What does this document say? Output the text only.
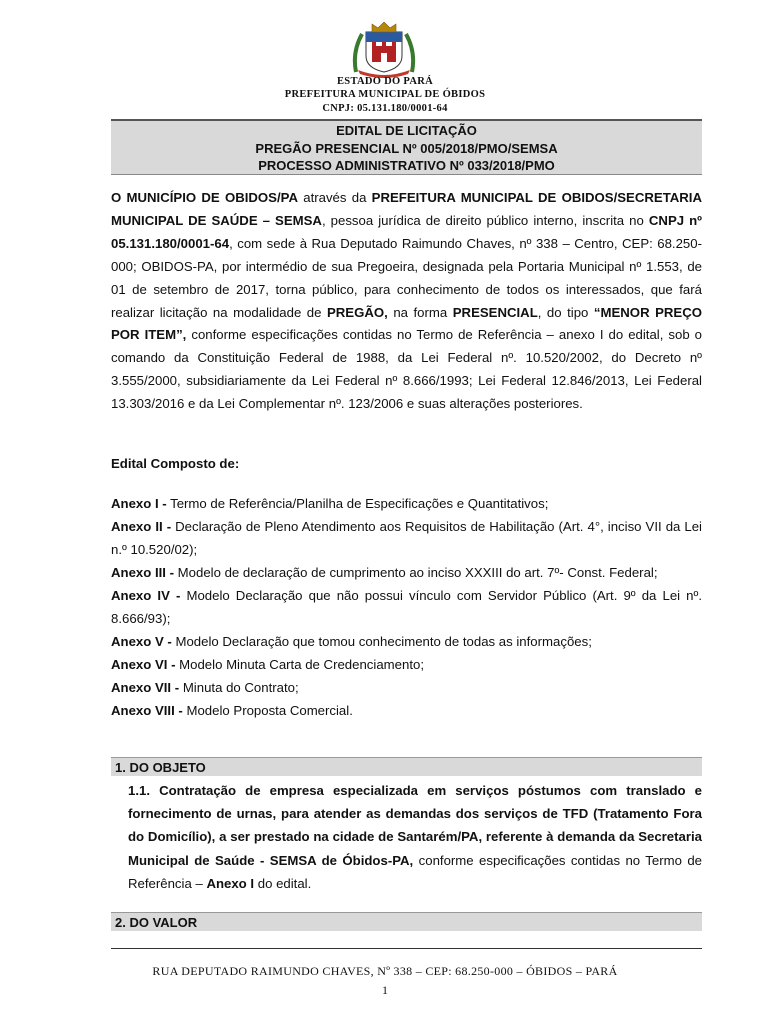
ESTADO DO PARÁ
PREFEITURA MUNICIPAL DE ÓBIDOS
CNPJ: 05.131.180/0001-64
EDITAL DE LICITAÇÃO
PREGÃO PRESENCIAL Nº 005/2018/PMO/SEMSA
PROCESSO ADMINISTRATIVO Nº 033/2018/PMO
O MUNICÍPIO DE OBIDOS/PA através da PREFEITURA MUNICIPAL DE OBIDOS/SECRETARIA MUNICIPAL DE SAÚDE – SEMSA, pessoa jurídica de direito público interno, inscrita no CNPJ nº 05.131.180/0001-64, com sede à Rua Deputado Raimundo Chaves, nº 338 – Centro, CEP: 68.250-000; OBIDOS-PA, por intermédio de sua Pregoeira, designada pela Portaria Municipal nº 1.553, de 01 de setembro de 2017, torna público, para conhecimento de todos os interessados, que fará realizar licitação na modalidade de PREGÃO, na forma PRESENCIAL, do tipo “MENOR PREÇO POR ITEM”, conforme especificações contidas no Termo de Referência – anexo I do edital, sob o comando da Constituição Federal de 1988, da Lei Federal nº. 10.520/2002, do Decreto nº 3.555/2000, subsidiariamente da Lei Federal nº 8.666/1993; Lei Federal 12.846/2013, Lei Federal 13.303/2016 e da Lei Complementar nº. 123/2006 e suas alterações posteriores.
Edital Composto de:
Anexo I - Termo de Referência/Planilha de Especificações e Quantitativos;
Anexo II - Declaração de Pleno Atendimento aos Requisitos de Habilitação (Art. 4°, inciso VII da Lei n.º 10.520/02);
Anexo III - Modelo de declaração de cumprimento ao inciso XXXIII do art. 7º- Const. Federal;
Anexo IV - Modelo Declaração que não possui vínculo com Servidor Público (Art. 9º da Lei nº. 8.666/93);
Anexo V - Modelo Declaração que tomou conhecimento de todas as informações;
Anexo VI - Modelo Minuta Carta de Credenciamento;
Anexo VII - Minuta do Contrato;
Anexo VIII - Modelo Proposta Comercial.
1. DO OBJETO
1.1. Contratação de empresa especializada em serviços póstumos com translado e fornecimento de urnas, para atender as demandas dos serviços de TFD (Tratamento Fora do Domicílio), a ser prestado na cidade de Santarém/PA, referente à demanda da Secretaria Municipal de Saúde - SEMSA de Óbidos-PA, conforme especificações contidas no Termo de Referência – Anexo I do edital.
2. DO VALOR
RUA DEPUTADO RAIMUNDO CHAVES, Nº 338 – CEP: 68.250-000 – ÓBIDOS – PARÁ
1
